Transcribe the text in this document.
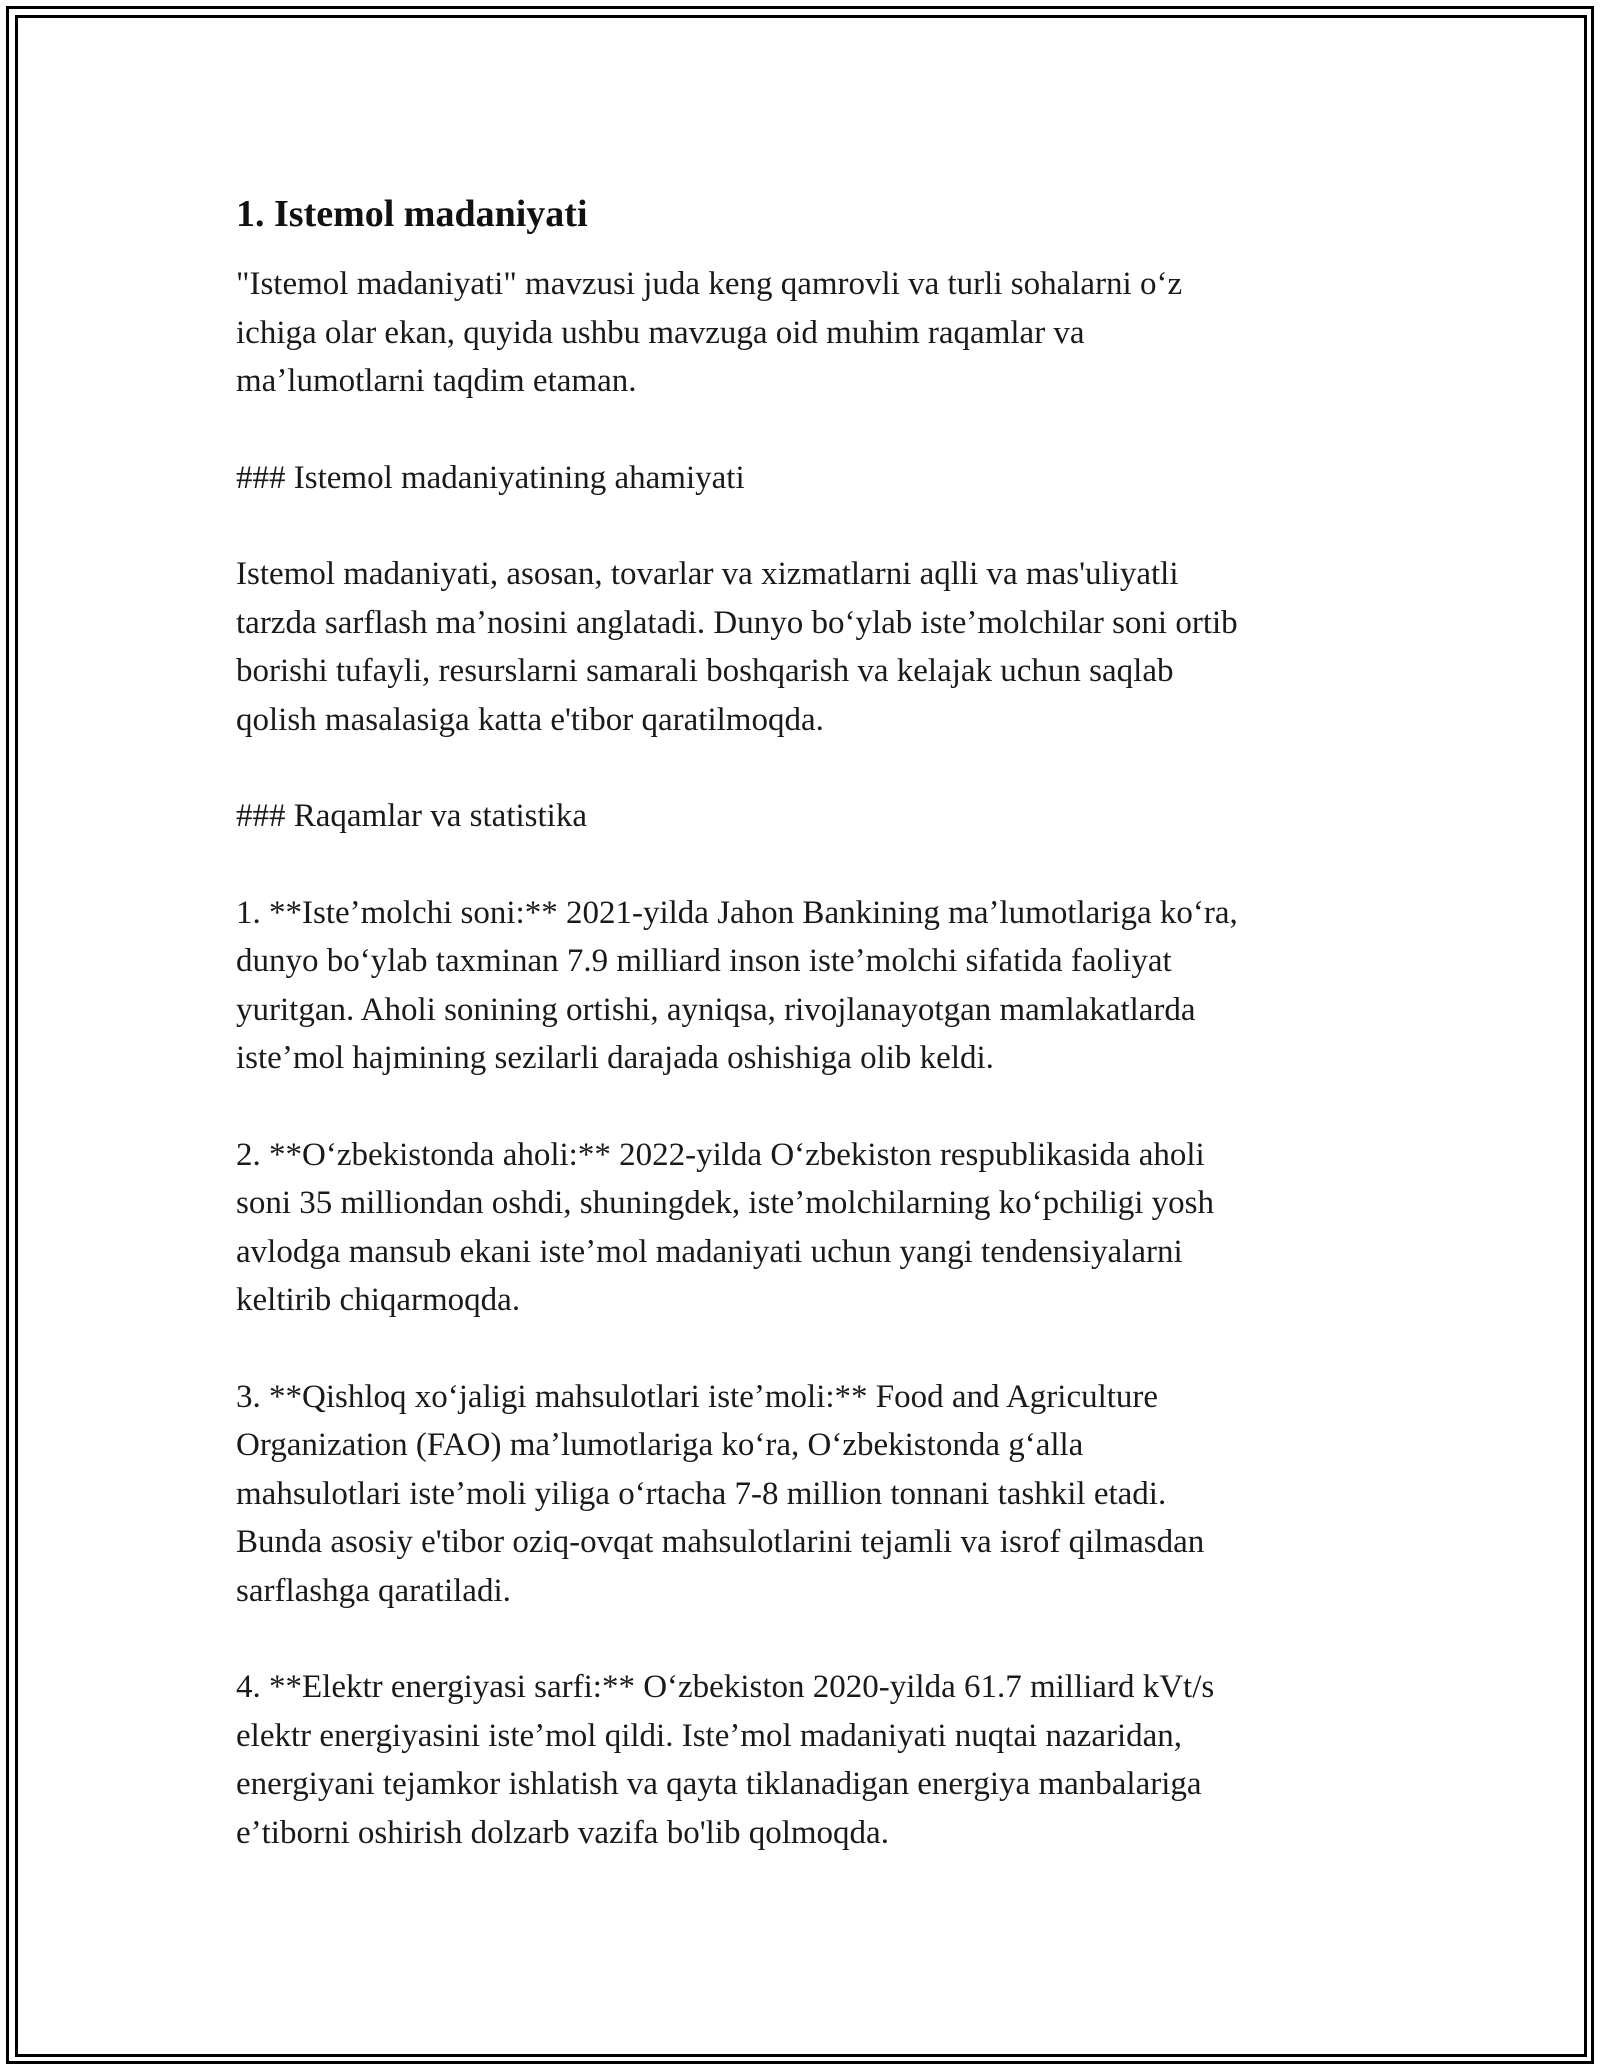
1. Istemol madaniyati

"Istemol madaniyati" mavzusi juda keng qamrovli va turli sohalarni oʻz
ichiga olar ekan, quyida ushbu mavzuga oid muhim raqamlar va
maʼlumotlarni taqdim etaman.

### Istemol madaniyatining ahamiyati

Istemol madaniyati, asosan, tovarlar va xizmatlarni aqlli va mas'uliyatli
tarzda sarflash maʼnosini anglatadi. Dunyo boʻylab isteʼmolchilar soni ortib
borishi tufayli, resurslarni samarali boshqarish va kelajak uchun saqlab
qolish masalasiga katta e'tibor qaratilmoqda.

### Raqamlar va statistika

1. **Isteʼmolchi soni:** 2021-yilda Jahon Bankining maʼlumotlariga koʻra,
dunyo boʻylab taxminan 7.9 milliard inson isteʼmolchi sifatida faoliyat
yuritgan. Aholi sonining ortishi, ayniqsa, rivojlanayotgan mamlakatlarda
isteʼmol hajmining sezilarli darajada oshishiga olib keldi.

2. **Oʻzbekistonda aholi:** 2022-yilda Oʻzbekiston respublikasida aholi
soni 35 milliondan oshdi, shuningdek, isteʼmolchilarning koʻpchiligi yosh
avlodga mansub ekani isteʼmol madaniyati uchun yangi tendensiyalarni
keltirib chiqarmoqda.

3. **Qishloq xoʻjaligi mahsulotlari isteʼmoli:** Food and Agriculture
Organization (FAO) maʼlumotlariga koʻra, Oʻzbekistonda gʻalla
mahsulotlari isteʼmoli yiliga oʻrtacha 7-8 million tonnani tashkil etadi.
Bunda asosiy e'tibor oziq-ovqat mahsulotlarini tejamli va isrof qilmasdan
sarflashga qaratiladi.

4. **Elektr energiyasi sarfi:** Oʻzbekiston 2020-yilda 61.7 milliard kVt/s
elektr energiyasini isteʼmol qildi. Isteʼmol madaniyati nuqtai nazaridan,
energiyani tejamkor ishlatish va qayta tiklanadigan energiya manbalariga
eʼtiborni oshirish dolzarb vazifa bo'lib qolmoqda.
